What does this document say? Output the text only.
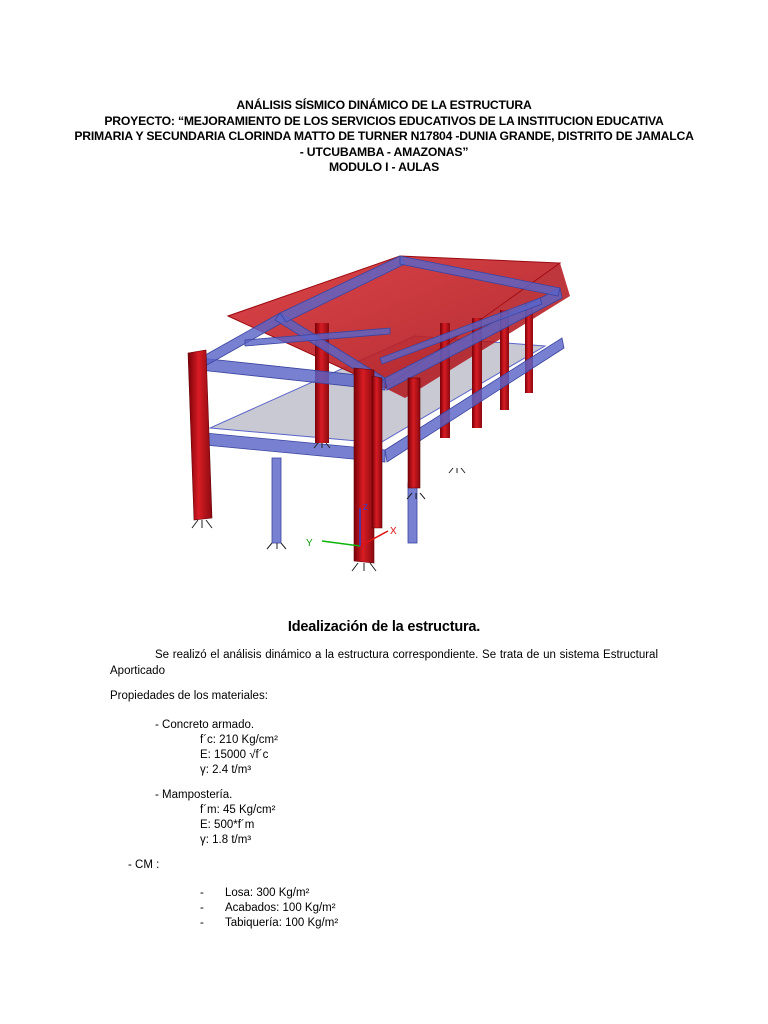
ANÁLISIS SÍSMICO DINÁMICO DE LA ESTRUCTURA
PROYECTO: “MEJORAMIENTO DE LOS SERVICIOS EDUCATIVOS DE LA INSTITUCION EDUCATIVA
PRIMARIA Y SECUNDARIA CLORINDA MATTO DE TURNER N17804 -DUNIA GRANDE, DISTRITO DE JAMALCA
- UTCUBAMBA - AMAZONAS”
MODULO I - AULAS
Y
X
Z
Idealización de la estructura.
Se realizó el análisis dinámico a la estructura correspondiente. Se trata de un sistema Estructural Aporticado
Propiedades de los materiales:
- Concreto armado.
f´c: 210 Kg/cm²
E: 15000 √f´c
γ: 2.4 t/m³
- Mampostería.
f´m: 45 Kg/cm²
E: 500*f´m
γ: 1.8 t/m³
- CM :
- Losa: 300 Kg/m²
- Acabados: 100 Kg/m²
- Tabiquería: 100 Kg/m²
